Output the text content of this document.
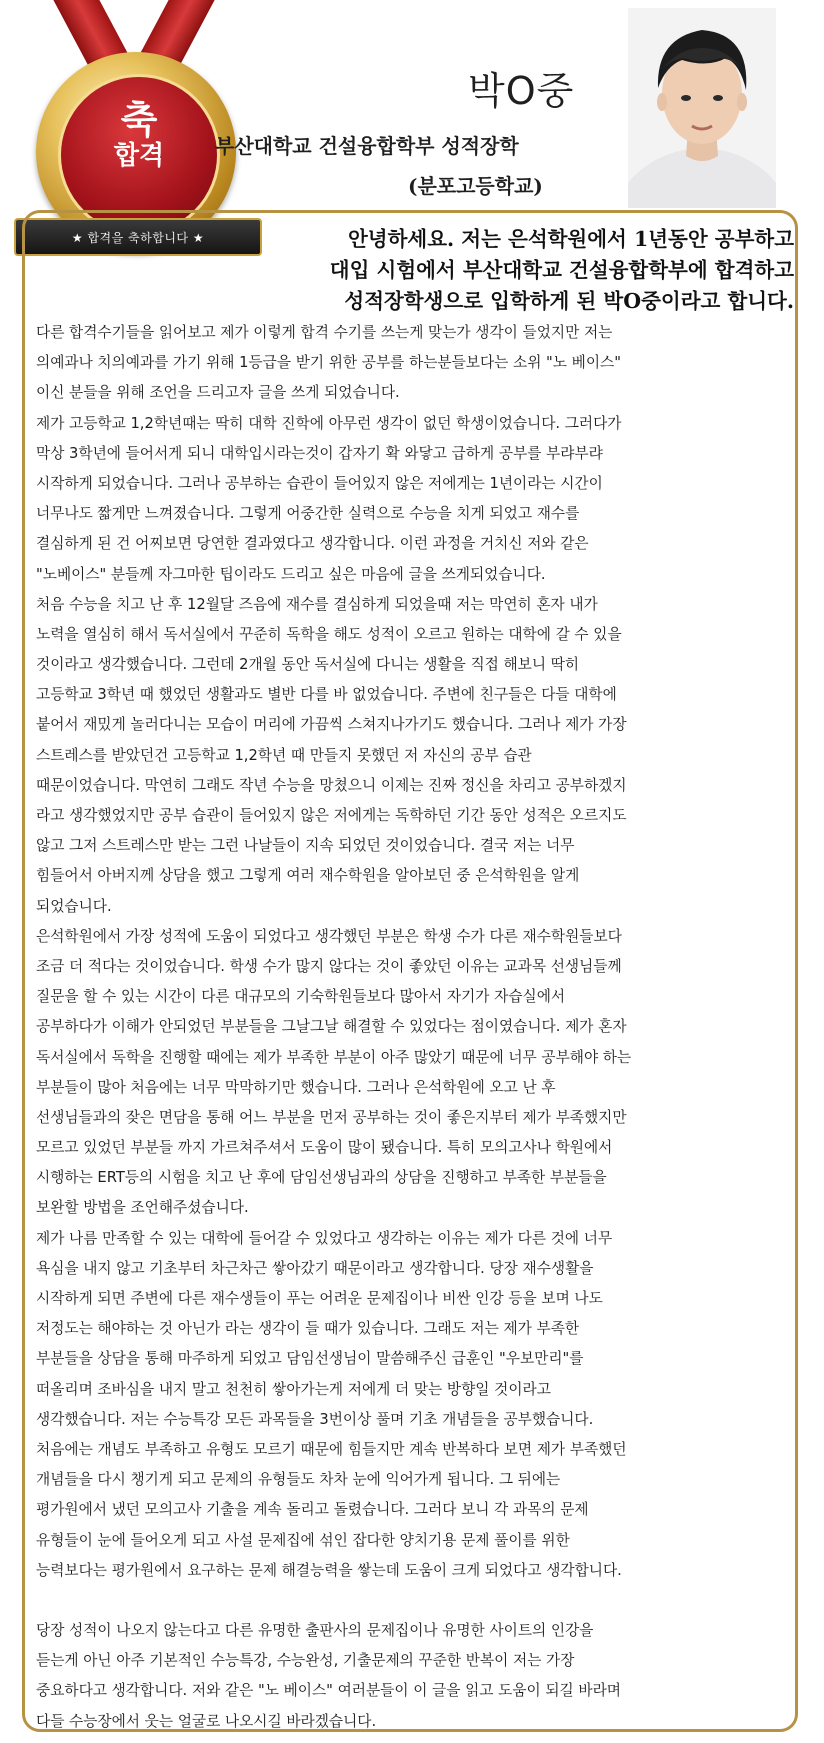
축
합격
★ 합격을 축하합니다 ★
박O중
부산대학교 건설융합학부 성적장학
(분포고등학교)
안녕하세요. 저는 은석학원에서 1년동안 공부하고
대입 시험에서 부산대학교 건설융합학부에 합격하고
성적장학생으로 입학하게 된 박O중이라고 합니다.
다른 합격수기들을 읽어보고 제가 이렇게 합격 수기를 쓰는게 맞는가 생각이 들었지만 저는
의예과나 치의예과를 가기 위해 1등급을 받기 위한 공부를 하는분들보다는 소위 "노 베이스"
이신 분들을 위해 조언을 드리고자 글을 쓰게 되었습니다.
제가 고등학교 1,2학년때는 딱히 대학 진학에 아무런 생각이 없던 학생이었습니다. 그러다가
막상 3학년에 들어서게 되니 대학입시라는것이 갑자기 확 와닿고 급하게 공부를 부랴부랴
시작하게 되었습니다. 그러나 공부하는 습관이 들어있지 않은 저에게는 1년이라는 시간이
너무나도 짧게만 느껴졌습니다. 그렇게 어중간한 실력으로 수능을 치게 되었고 재수를
결심하게 된 건 어찌보면 당연한 결과였다고 생각합니다. 이런 과정을 거치신 저와 같은
"노베이스" 분들께 자그마한 팁이라도 드리고 싶은 마음에 글을 쓰게되었습니다.
처음 수능을 치고 난 후 12월달 즈음에 재수를 결심하게 되었을때 저는 막연히 혼자 내가
노력을 열심히 해서 독서실에서 꾸준히 독학을 해도 성적이 오르고 원하는 대학에 갈 수 있을
것이라고 생각했습니다. 그런데 2개월 동안 독서실에 다니는 생활을 직접 해보니 딱히
고등학교 3학년 때 했었던 생활과도 별반 다를 바 없었습니다. 주변에 친구들은 다들 대학에
붙어서 재밌게 놀러다니는 모습이 머리에 가끔씩 스쳐지나가기도 했습니다. 그러나 제가 가장
스트레스를 받았던건 고등학교 1,2학년 때 만들지 못했던 저 자신의 공부 습관
때문이었습니다. 막연히 그래도 작년 수능을 망쳤으니 이제는 진짜 정신을 차리고 공부하겠지
라고 생각했었지만 공부 습관이 들어있지 않은 저에게는 독학하던 기간 동안 성적은 오르지도
않고 그저 스트레스만 받는 그런 나날들이 지속 되었던 것이었습니다. 결국 저는 너무
힘들어서 아버지께 상담을 했고 그렇게 여러 재수학원을 알아보던 중 은석학원을 알게
되었습니다.
은석학원에서 가장 성적에 도움이 되었다고 생각했던 부분은 학생 수가 다른 재수학원들보다
조금 더 적다는 것이었습니다. 학생 수가 많지 않다는 것이 좋았던 이유는 교과목 선생님들께
질문을 할 수 있는 시간이 다른 대규모의 기숙학원들보다 많아서 자기가 자습실에서
공부하다가 이해가 안되었던 부분들을 그날그날 해결할 수 있었다는 점이였습니다. 제가 혼자
독서실에서 독학을 진행할 때에는 제가 부족한 부분이 아주 많았기 때문에 너무 공부해야 하는
부분들이 많아 처음에는 너무 막막하기만 했습니다. 그러나 은석학원에 오고 난 후
선생님들과의 잦은 면담을 통해 어느 부분을 먼저 공부하는 것이 좋은지부터 제가 부족했지만
모르고 있었던 부분들 까지 가르쳐주셔서 도움이 많이 됐습니다. 특히 모의고사나 학원에서
시행하는 ERT등의 시험을 치고 난 후에 담임선생님과의 상담을 진행하고 부족한 부분들을
보완할 방법을 조언해주셨습니다.
제가 나름 만족할 수 있는 대학에 들어갈 수 있었다고 생각하는 이유는 제가 다른 것에 너무
욕심을 내지 않고 기초부터 차근차근 쌓아갔기 때문이라고 생각합니다. 당장 재수생활을
시작하게 되면 주변에 다른 재수생들이 푸는 어려운 문제집이나 비싼 인강 등을 보며 나도
저정도는 해야하는 것 아닌가 라는 생각이 들 때가 있습니다. 그래도 저는 제가 부족한
부분들을 상담을 통해 마주하게 되었고 담임선생님이 말씀해주신 급훈인 "우보만리"를
떠올리며 조바심을 내지 말고 천천히 쌓아가는게 저에게 더 맞는 방향일 것이라고
생각했습니다. 저는 수능특강 모든 과목들을 3번이상 풀며 기초 개념들을 공부했습니다.
처음에는 개념도 부족하고 유형도 모르기 때문에 힘들지만 계속 반복하다 보면 제가 부족했던
개념들을 다시 챙기게 되고 문제의 유형들도 차차 눈에 익어가게 됩니다. 그 뒤에는
평가원에서 냈던 모의고사 기출을 계속 돌리고 돌렸습니다. 그러다 보니 각 과목의 문제
유형들이 눈에 들어오게 되고 사설 문제집에 섞인 잡다한 양치기용 문제 풀이를 위한
능력보다는 평가원에서 요구하는 문제 해결능력을 쌓는데 도움이 크게 되었다고 생각합니다.
당장 성적이 나오지 않는다고 다른 유명한 출판사의 문제집이나 유명한 사이트의 인강을
듣는게 아닌 아주 기본적인 수능특강, 수능완성, 기출문제의 꾸준한 반복이 저는 가장
중요하다고 생각합니다. 저와 같은 "노 베이스" 여러분들이 이 글을 읽고 도움이 되길 바라며
다들 수능장에서 웃는 얼굴로 나오시길 바라겠습니다.
